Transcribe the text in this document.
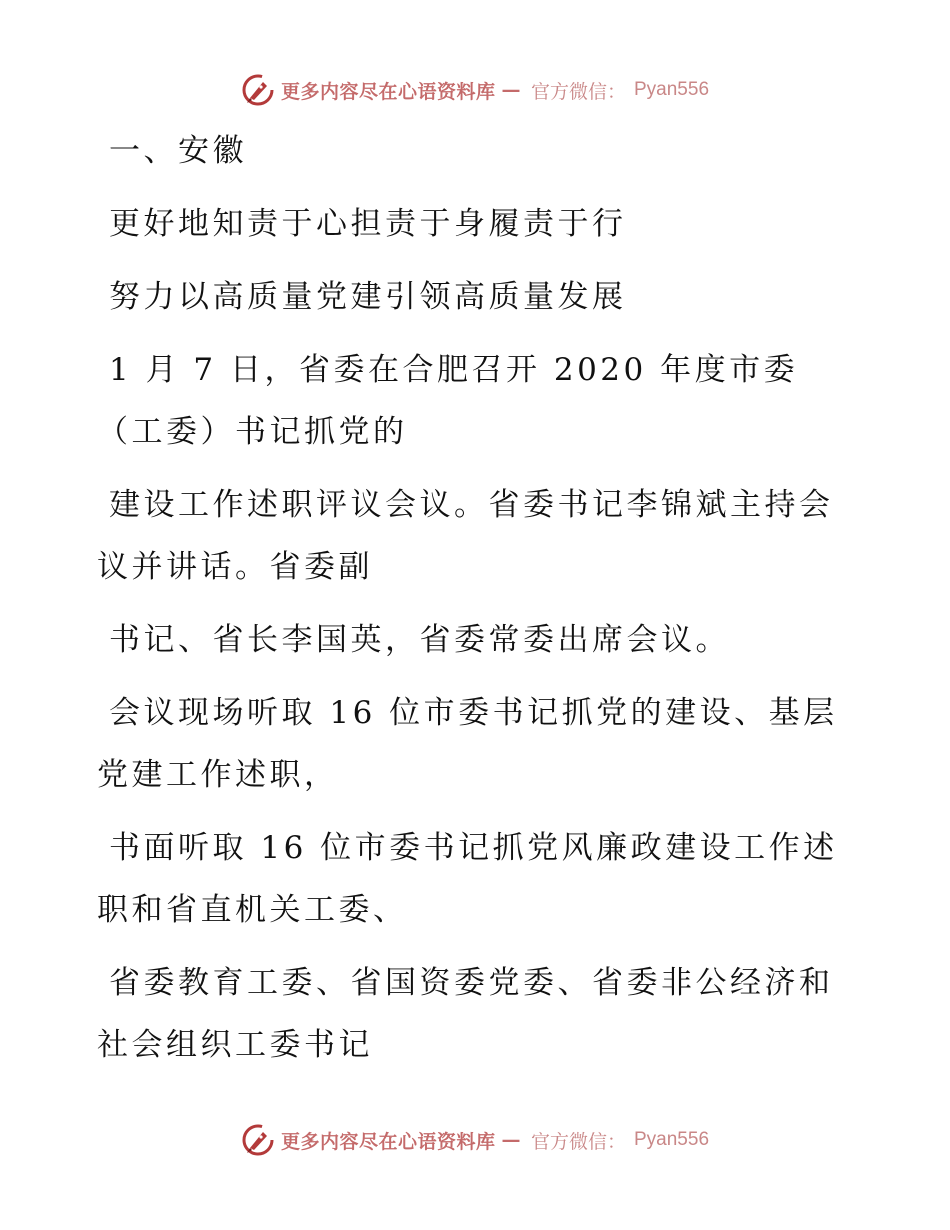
更多内容尽在心语资料库 — 官方微信： Pyan556

一、安徽

更好地知责于心担责于身履责于行

努力以高质量党建引领高质量发展

1 月 7 日，省委在合肥召开 2020 年度市委（工委）书记抓党的

建设工作述职评议会议。省委书记李锦斌主持会议并讲话。省委副

书记、省长李国英，省委常委出席会议。

会议现场听取 16 位市委书记抓党的建设、基层党建工作述职，

书面听取 16 位市委书记抓党风廉政建设工作述职和省直机关工委、

省委教育工委、省国资委党委、省委非公经济和社会组织工委书记

更多内容尽在心语资料库 — 官方微信： Pyan556
